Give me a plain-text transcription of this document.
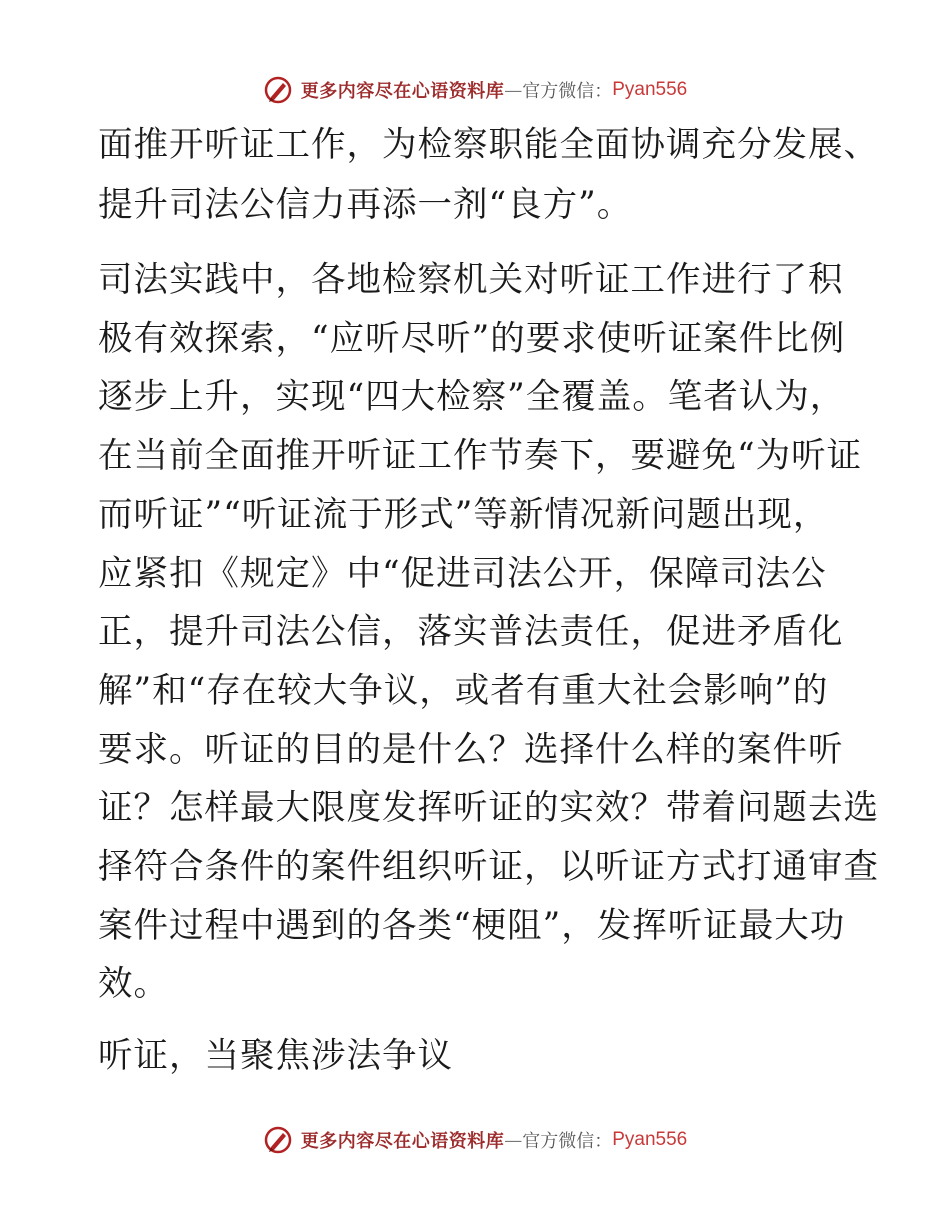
更多内容尽在心语资料库 — 官方微信： Pyan556
面推开听证工作，为检察职能全面协调充分发展、
提升司法公信力再添一剂“良方”。
司法实践中，各地检察机关对听证工作进行了积
极有效探索，“应听尽听”的要求使听证案件比例
逐步上升，实现“四大检察”全覆盖。笔者认为，
在当前全面推开听证工作节奏下，要避免“为听证
而听证”“听证流于形式”等新情况新问题出现，
应紧扣《规定》中“促进司法公开，保障司法公
正，提升司法公信，落实普法责任，促进矛盾化
解”和“存在较大争议，或者有重大社会影响”的
要求。听证的目的是什么？选择什么样的案件听
证？怎样最大限度发挥听证的实效？带着问题去选
择符合条件的案件组织听证，以听证方式打通审查
案件过程中遇到的各类“梗阻”，发挥听证最大功
效。
听证，当聚焦涉法争议
更多内容尽在心语资料库 — 官方微信： Pyan556
